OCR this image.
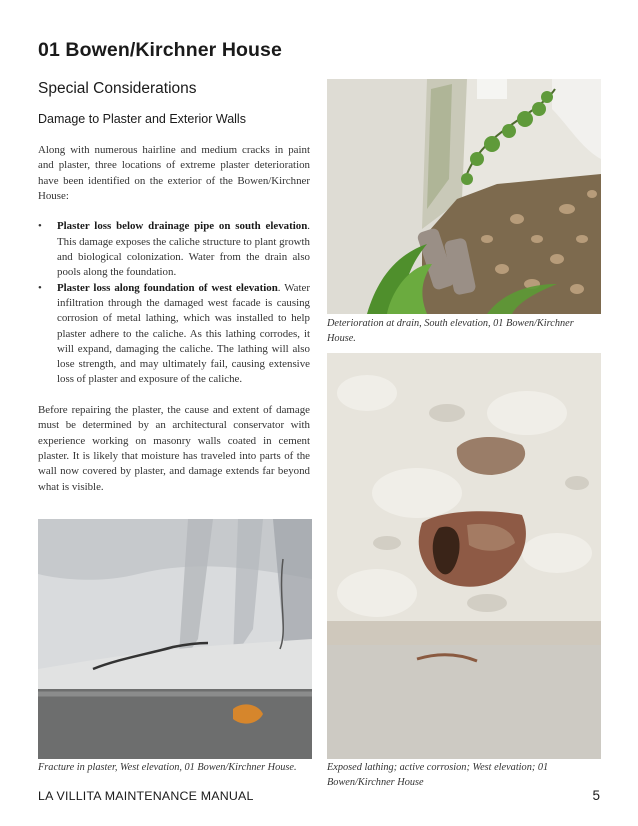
01 Bowen/Kirchner House
Special Considerations
Damage to Plaster and Exterior Walls

Along with numerous hairline and medium cracks in paint and plaster, three locations of extreme plaster deterioration have been identified on the exterior of the Bowen/Kirchner House:

• Plaster loss below drainage pipe on south elevation. This damage exposes the caliche structure to plant growth and biological colonization. Water from the drain also pools along the foundation.
• Plaster loss along foundation of west elevation. Water infiltration through the damaged west facade is causing corrosion of metal lathing, which was installed to help plaster adhere to the caliche. As this lathing corrodes, it will expand, damaging the caliche. The lathing will also lose strength, and may ultimately fail, causing extensive loss of plaster and exposure of the caliche.

Before repairing the plaster, the cause and extent of damage must be determined by an architectural conservator with experience working on masonry walls coated in cement plaster. It is likely that moisture has traveled into parts of the wall now covered by plaster, and damage extends far beyond what is visible.

Deterioration at drain, South elevation, 01 Bowen/Kirchner House.
Exposed lathing; active corrosion; West elevation; 01 Bowen/Kirchner House
Fracture in plaster, West elevation, 01 Bowen/Kirchner House.
LA VILLITA MAINTENANCE MANUAL	5
